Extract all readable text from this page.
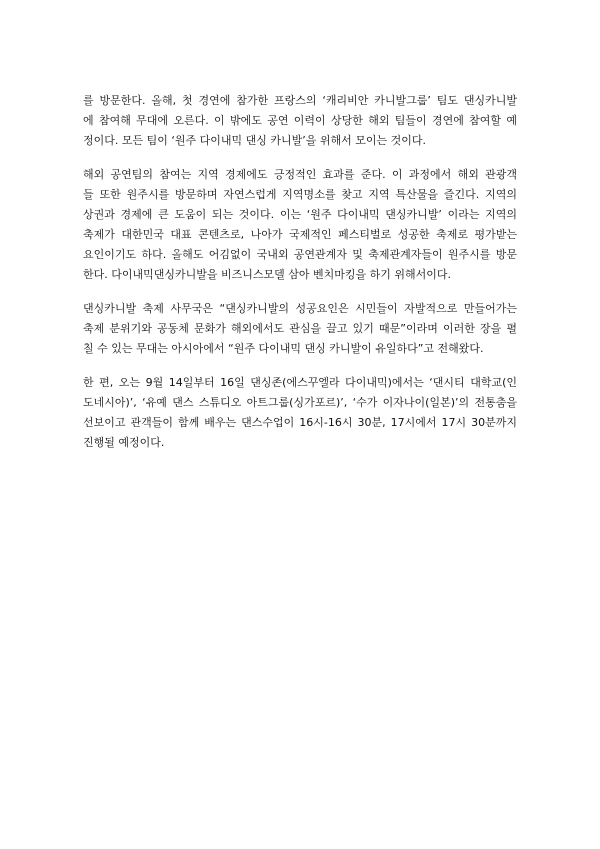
를 방문한다. 올해, 첫 경연에 참가한 프랑스의 ‘캐리비안 카니발그룹’ 팀도 댄싱카니발
에 참여해 무대에 오른다. 이 밖에도 공연 이력이 상당한 해외 팀들이 경연에 참여할 예
정이다. 모든 팀이 ‘원주 다이내믹 댄싱 카니발’을 위해서 모이는 것이다.

해외 공연팀의 참여는 지역 경제에도 긍정적인 효과를 준다. 이 과정에서 해외 관광객
들 또한 원주시를 방문하며 자연스럽게 지역명소를 찾고 지역 특산물을 즐긴다. 지역의
상권과 경제에 큰 도움이 되는 것이다. 이는 ‘원주 다이내믹 댄싱카니발’ 이라는 지역의
축제가 대한민국 대표 콘텐츠로, 나아가 국제적인 페스티벌로 성공한 축제로 평가받는
요인이기도 하다. 올해도 어김없이 국내외 공연관계자 및 축제관계자들이 원주시를 방문
한다. 다이내믹댄싱카니발을 비즈니스모델 삼아 벤치마킹을 하기 위해서이다.

댄싱카니발 축제 사무국은 “댄싱카니발의 성공요인은 시민들이 자발적으로 만들어가는
축제 분위기와 공동체 문화가 해외에서도 관심을 끌고 있기 때문”이라며 이러한 장을 펼
칠 수 있는 무대는 아시아에서 “원주 다이내믹 댄싱 카니발이 유일하다”고 전해왔다.

한 편, 오는 9월 14일부터 16일 댄싱존(에스꾸엘라 다이내믹)에서는 ‘댄시티 대학교(인
도네시아)’, ‘유예 댄스 스튜디오 아트그룹(싱가포르)’, ‘수가 이자나이(일본)’의 전통춤을
선보이고 관객들이 함께 배우는 댄스수업이 16시-16시 30분, 17시에서 17시 30분까지
진행될 예정이다.
